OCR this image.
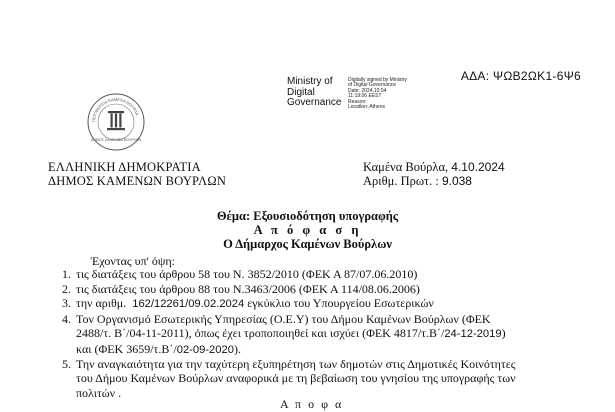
ΑΔΑ: ΨΩΒ2ΩΚ1-6Ψ6
Ministry of
Digital
Governance
Digitally signed by Ministry
of Digital Governance
Date: 2024.10.04
11:19:06 EEST
Reason:
Location: Athens
ΠΕΡΙΦΕΡΕΙΑ ΚΑΜΕΝΑ ΒΟΥΡΛΑ
ΔΗΜΟΣ ΚΑΜΕΝΩΝ ΒΟΥΡΛΩΝ
ΕΛΛΗΝΙΚΗ ΔΗΜΟΚΡΑΤΙΑ
ΔΗΜΟΣ ΚΑΜΕΝΩΝ ΒΟΥΡΛΩΝ
Καμένα Βούρλα, 4.10.2024
Αριθμ. Πρωτ. : 9.038
Θέμα: Εξουσιοδότηση υπογραφής
Α π ό φ α σ η
Ο Δήμαρχος Καμένων Βούρλων
Έχοντας υπ' όψη:
1. τις διατάξεις του άρθρου 58 του Ν. 3852/2010 (ΦΕΚ Α 87/07.06.2010)
2. τις διατάξεις του άρθρου 88 του Ν.3463/2006 (ΦΕΚ Α 114/08.06.2006)
3. την αριθμ.  162/12261/09.02.2024 εγκύκλιο του Υπουργείου Εσωτερικών
4. Τον Οργανισμό Εσωτερικής Υπηρεσίας (Ο.Ε.Υ) του Δήμου Καμένων Βούρλων (ΦΕΚ
2488/τ. Β΄/04-11-2011), όπως έχει τροποποιηθεί και ισχύει (ΦΕΚ 4817/τ.Β΄/24-12-2019)
και (ΦΕΚ 3659/τ.Β΄/02-09-2020).
5. Την αναγκαιότητα για την ταχύτερη εξυπηρέτηση των δημοτών στις Δημοτικές Κοινότητες
του Δήμου Καμένων Βούρλων αναφορικά με τη βεβαίωση του γνησίου της υπογραφής των
πολιτών .
Α π ο φ α
